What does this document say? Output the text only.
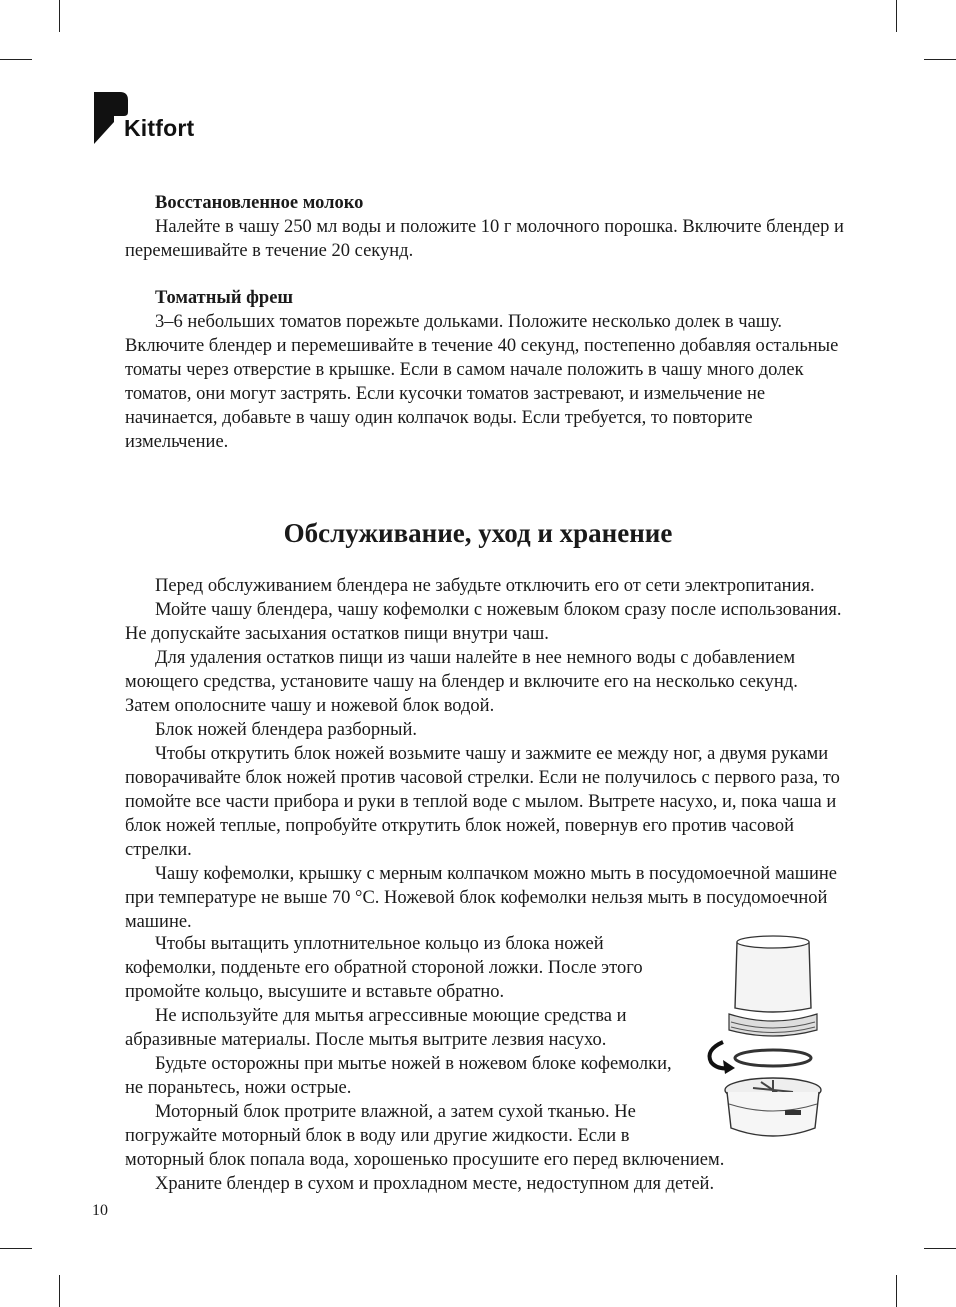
Kitfort

Восстановленное молоко

Налейте в чашу 250 мл воды и положите 10 г молочного порошка. Включите блендер и перемешивайте в течение 20 секунд.

Томатный фреш

3–6 небольших томатов порежьте дольками. Положите несколько долек в чашу. Включите блендер и перемешивайте в течение 40 секунд, постепенно добавляя остальные томаты через отверстие в крышке. Если в самом начале положить в чашу много долек томатов, они могут застрять. Если кусочки томатов застревают, и измельчение не начинается, добавьте в чашу один колпачок воды. Если требуется, то повторите измельчение.

Обслуживание, уход и хранение

Перед обслуживанием блендера не забудьте отключить его от сети электропитания.

Мойте чашу блендера, чашу кофемолки с ножевым блоком сразу после использования. Не допускайте засыхания остатков пищи внутри чаш.

Для удаления остатков пищи из чаши налейте в нее немного воды с добавлением моющего средства, установите чашу на блендер и включите его на несколько секунд. Затем ополосните чашу и ножевой блок водой.

Блок ножей блендера разборный.

Чтобы открутить блок ножей возьмите чашу и зажмите ее между ног, а двумя руками поворачивайте блок ножей против часовой стрелки. Если не получилось с первого раза, то помойте все части прибора и руки в теплой воде с мылом. Вытрете насухо, и, пока чаша и блок ножей теплые, попробуйте открутить блок ножей, повернув его против часовой стрелки.

Чашу кофемолки, крышку с мерным колпачком можно мыть в посудомоечной машине при температуре не выше 70 °С. Ножевой блок кофемолки нельзя мыть в посудомоечной машине.

Чтобы вытащить уплотнительное кольцо из блока ножей кофемолки, подденьте его обратной стороной ложки. После этого промойте кольцо, высушите и вставьте обратно.

Не используйте для мытья агрессивные моющие средства и абразивные материалы. После мытья вытрите лезвия насухо.

Будьте осторожны при мытье ножей в ножевом блоке кофемолки, не пораньтесь, ножи острые.

Моторный блок протрите влажной, а затем сухой тканью. Не погружайте моторный блок в воду или другие жидкости. Если в моторный блок попала вода, хорошенько просушите его перед включением.

Храните блендер в сухом и прохладном месте, недоступном для детей.

10
